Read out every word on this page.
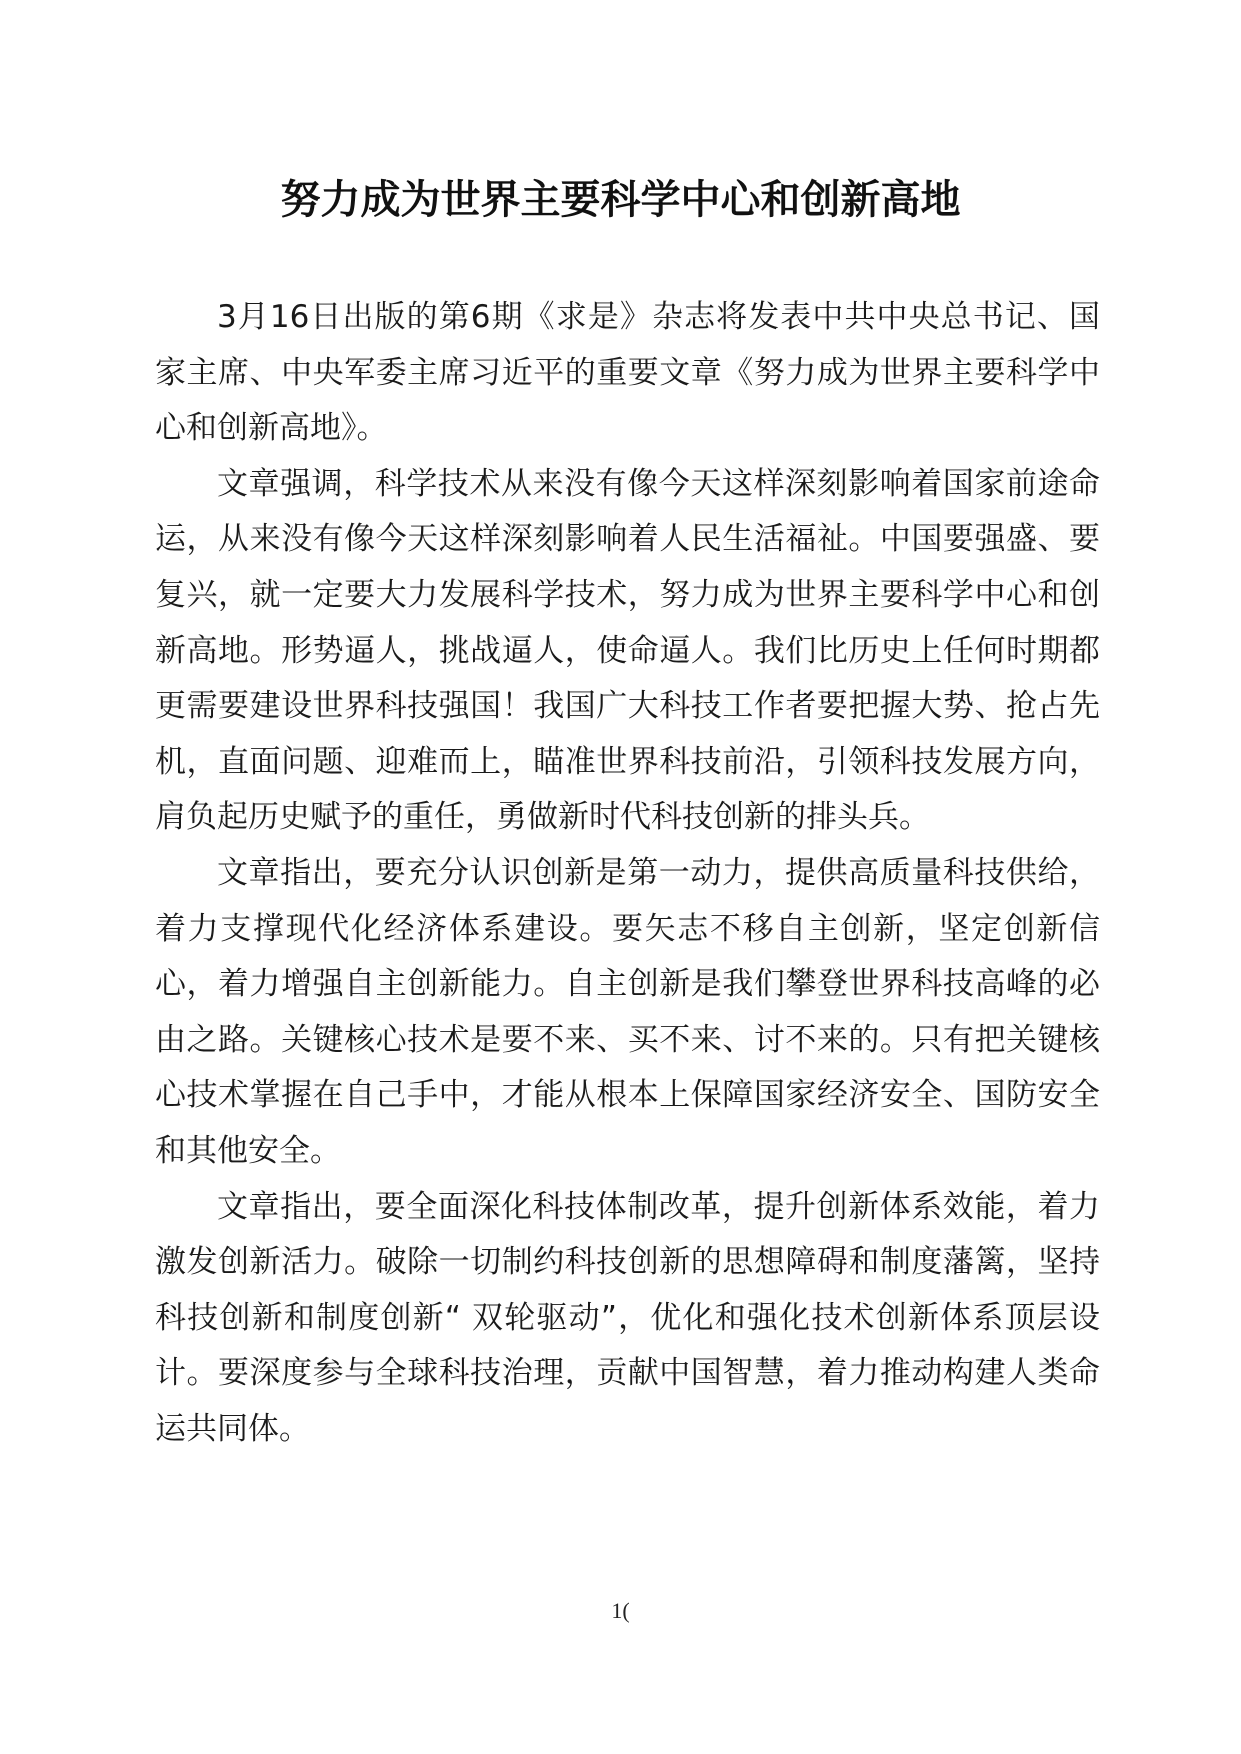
努力成为世界主要科学中心和创新高地

3月16日出版的第6期《求是》杂志将发表中共中央总书记、国家主席、中央军委主席习近平的重要文章《努力成为世界主要科学中心和创新高地》。

文章强调，科学技术从来没有像今天这样深刻影响着国家前途命运，从来没有像今天这样深刻影响着人民生活福祉。中国要强盛、要复兴，就一定要大力发展科学技术，努力成为世界主要科学中心和创新高地。形势逼人，挑战逼人，使命逼人。我们比历史上任何时期都更需要建设世界科技强国！我国广大科技工作者要把握大势、抢占先机，直面问题、迎难而上，瞄准世界科技前沿，引领科技发展方向，肩负起历史赋予的重任，勇做新时代科技创新的排头兵。

文章指出，要充分认识创新是第一动力，提供高质量科技供给，着力支撑现代化经济体系建设。要矢志不移自主创新，坚定创新信心，着力增强自主创新能力。自主创新是我们攀登世界科技高峰的必由之路。关键核心技术是要不来、买不来、讨不来的。只有把关键核心技术掌握在自己手中，才能从根本上保障国家经济安全、国防安全和其他安全。

文章指出，要全面深化科技体制改革，提升创新体系效能，着力激发创新活力。破除一切制约科技创新的思想障碍和制度藩篱，坚持科技创新和制度创新“ 双轮驱动”，优化和强化技术创新体系顶层设计。要深度参与全球科技治理，贡献中国智慧，着力推动构建人类命运共同体。

1(
